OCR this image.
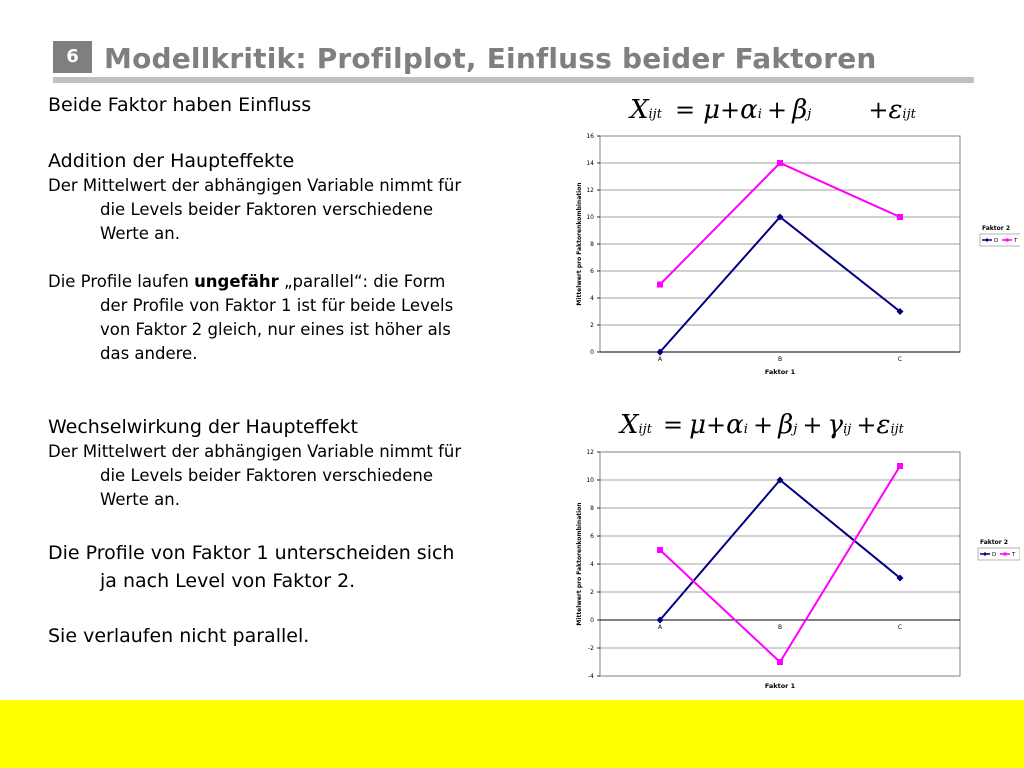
6 Modellkritik: Profilplot, Einfluss beider Faktoren
Beide Faktor haben Einfluss
Addition der Haupteffekte
Der Mittelwert der abhängigen Variable nimmt für
die Levels beider Faktoren verschiedene
Werte an.
Die Profile laufen ungefähr „parallel“: die Form
der Profile von Faktor 1 ist für beide Levels
von Faktor 2 gleich, nur eines ist höher als
das andere.
Wechselwirkung der Haupteffekt
Der Mittelwert der abhängigen Variable nimmt für
die Levels beider Faktoren verschiedene
Werte an.
Die Profile von Faktor 1 unterscheiden sich
ja nach Level von Faktor 2.
Sie verlaufen nicht parallel.
Xijt = μ+αi + βj +εijt
Xijt = μ+αi + βj + γij +εijt
0
2
4
6
8
10
12
14
16
A	B	C
Faktor 1
Mittelwert pro Faktorenkombination	Faktor 2
D	T
-4
-2
0
2
4
6
8
10
12
A	B	C
Faktor 1
Mittelwert pro Faktorenkombination	Faktor 2
D	T
